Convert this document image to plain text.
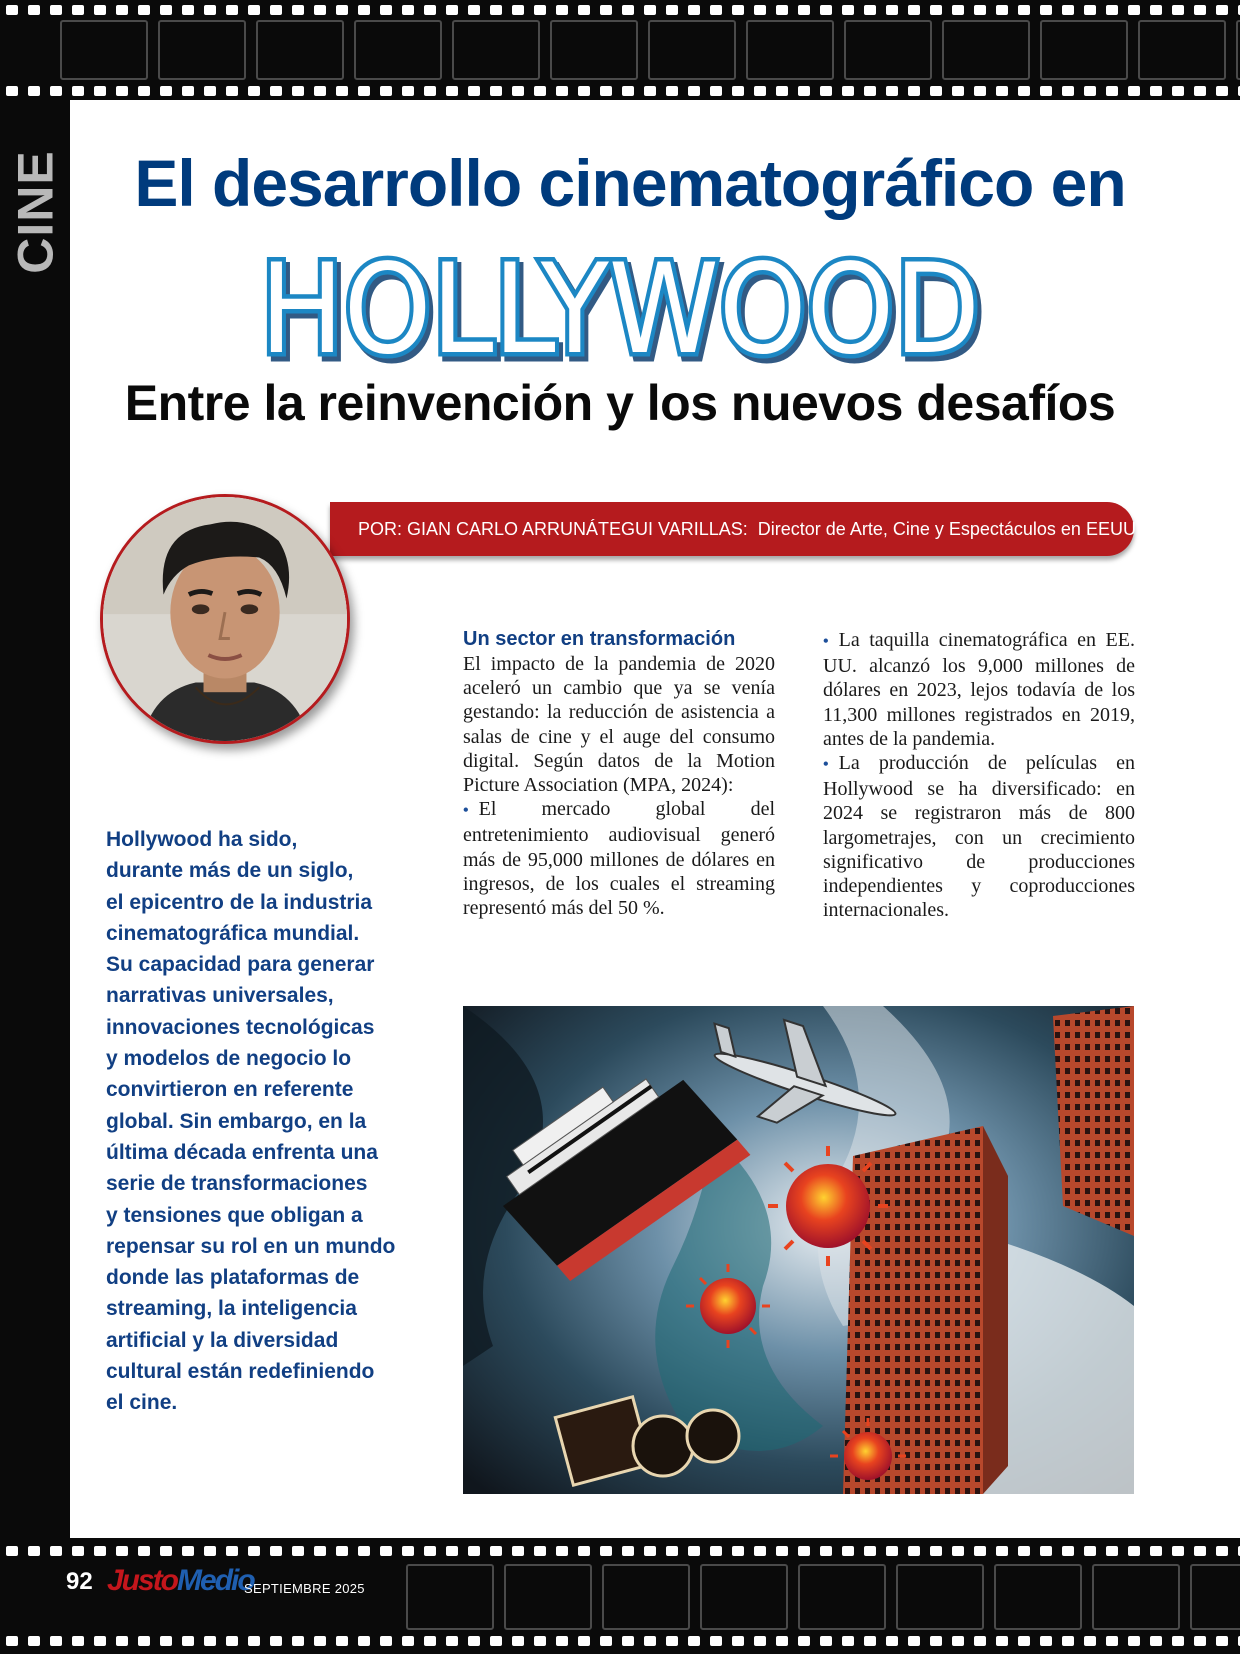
CINE	El desarrollo cinematográfico en
HOLLYWOOD
Entre la reinvención y los nuevos desafíos
POR: GIAN CARLO ARRUNÁTEGUI VARILLAS: Director de Arte, Cine y Espectáculos en EEUU

Hollywood ha sido,
durante más de un siglo,
el epicentro de la industria
cinematográfica mundial.
Su capacidad para generar
narrativas universales,
innovaciones tecnológicas
y modelos de negocio lo
convirtieron en referente
global. Sin embargo, en la
última década enfrenta una
serie de transformaciones
y tensiones que obligan a
repensar su rol en un mundo
donde las plataformas de
streaming, la inteligencia
artificial y la diversidad
cultural están redefiniendo
el cine.

Un sector en transformación

El impacto de la pandemia de 2020 aceleró un cambio que ya se venía gestando: la reducción de asistencia a salas de cine y el auge del consumo digital. Según datos de la Motion Picture Association (MPA, 2024):

• El mercado global del entretenimiento audiovisual generó más de 95,000 millones de dólares en ingresos, de los cuales el streaming representó más del 50 %.

• La taquilla cinematográfica en EE. UU. alcanzó los 9,000 millones de dólares en 2023, lejos todavía de los 11,300 millones registrados en 2019, antes de la pandemia.

• La producción de películas en Hollywood se ha diversificado: en 2024 se registraron más de 800 largometrajes, con un crecimiento significativo de producciones independientes y coproducciones internacionales.

92 JustoMedio
SEPTIEMBRE 2025
